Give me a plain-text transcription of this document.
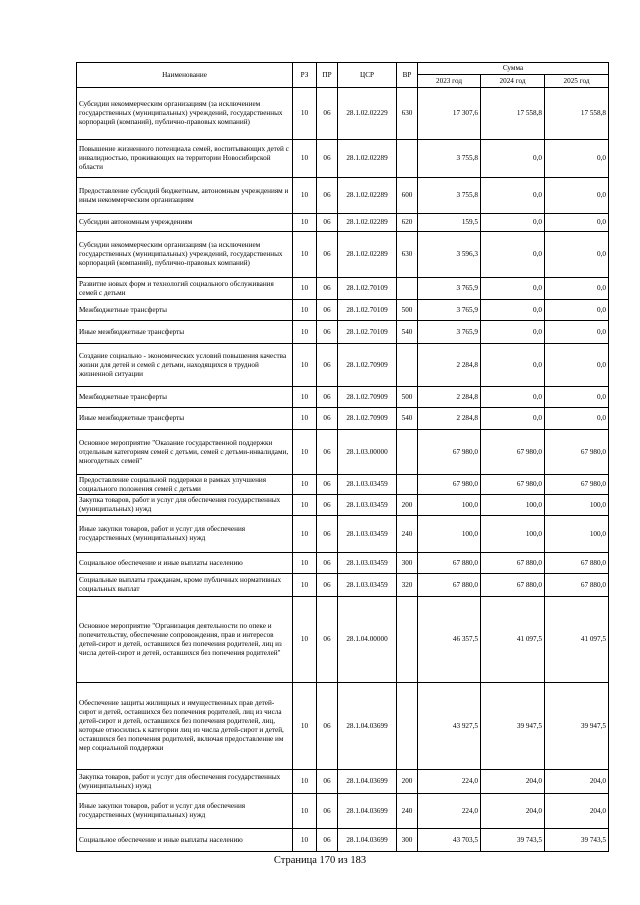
Наименование	РЗ	ПР	ЦСР	ВР	Сумма		
					2023 год	2024 год	2025 год
Субсидии некоммерческим организациям (за исключением государственных (муниципальных) учреждений, государственных корпораций (компаний), публично-правовых компаний)	10	06	28.1.02.02229	630	17 307,6	17 558,8	17 558,8
Повышение жизненного потенциала семей, воспитывающих детей с инвалидностью, проживающих на территории Новосибирской области	10	06	28.1.02.02289		3 755,8	0,0	0,0
Предоставление субсидий бюджетным, автономным учреждениям и иным некоммерческим организациям	10	06	28.1.02.02289	600	3 755,8	0,0	0,0
Субсидии автономным учреждениям	10	06	28.1.02.02289	620	159,5	0,0	0,0
Субсидии некоммерческим организациям (за исключением государственных (муниципальных) учреждений, государственных корпораций (компаний), публично-правовых компаний)	10	06	28.1.02.02289	630	3 596,3	0,0	0,0
Развитие новых форм и технологий социального обслуживания семей с детьми	10	06	28.1.02.70109		3 765,9	0,0	0,0
Межбюджетные трансферты	10	06	28.1.02.70109	500	3 765,9	0,0	0,0
Иные межбюджетные трансферты	10	06	28.1.02.70109	540	3 765,9	0,0	0,0
Создание социально - экономических условий повышения качества жизни для детей и семей с детьми, находящихся в трудной жизненной ситуации	10	06	28.1.02.70909		2 284,8	0,0	0,0
Межбюджетные трансферты	10	06	28.1.02.70909	500	2 284,8	0,0	0,0
Иные межбюджетные трансферты	10	06	28.1.02.70909	540	2 284,8	0,0	0,0
Основное мероприятие "Оказание государственной поддержки отдельным категориям семей с детьми, семей с детьми-инвалидами, многодетных семей"	10	06	28.1.03.00000		67 980,0	67 980,0	67 980,0
Предоставление социальной поддержки в рамках улучшения социального положения семей с детьми	10	06	28.1.03.03459		67 980,0	67 980,0	67 980,0
Закупка товаров, работ и услуг для обеспечения государственных (муниципальных) нужд	10	06	28.1.03.03459	200	100,0	100,0	100,0
Иные закупки товаров, работ и услуг для обеспечения государственных (муниципальных) нужд	10	06	28.1.03.03459	240	100,0	100,0	100,0
Социальное обеспечение и иные выплаты населению	10	06	28.1.03.03459	300	67 880,0	67 880,0	67 880,0
Социальные выплаты гражданам, кроме публичных нормативных социальных выплат	10	06	28.1.03.03459	320	67 880,0	67 880,0	67 880,0
Основное мероприятие "Организация деятельности по опеке и попечительству, обеспечение сопровождения, прав и интересов детей-сирот и детей, оставшихся без попечения родителей, лиц из числа детей-сирот и детей, оставшихся без попечения родителей"	10	06	28.1.04.00000		46 357,5	41 097,5	41 097,5
Обеспечение защиты жилищных и имущественных прав детей-сирот и детей, оставшихся без попечения родителей, лиц из числа детей-сирот и детей, оставшихся без попечения родителей, лиц, которые относились к категории лиц из числа детей-сирот и детей, оставшихся без попечения родителей, включая предоставление им мер социальной поддержки	10	06	28.1.04.03699		43 927,5	39 947,5	39 947,5
Закупка товаров, работ и услуг для обеспечения государственных (муниципальных) нужд	10	06	28.1.04.03699	200	224,0	204,0	204,0
Иные закупки товаров, работ и услуг для обеспечения государственных (муниципальных) нужд	10	06	28.1.04.03699	240	224,0	204,0	204,0
Социальное обеспечение и иные выплаты населению	10	06	28.1.04.03699	300	43 703,5	39 743,5	39 743,5
Страница 170 из 183
